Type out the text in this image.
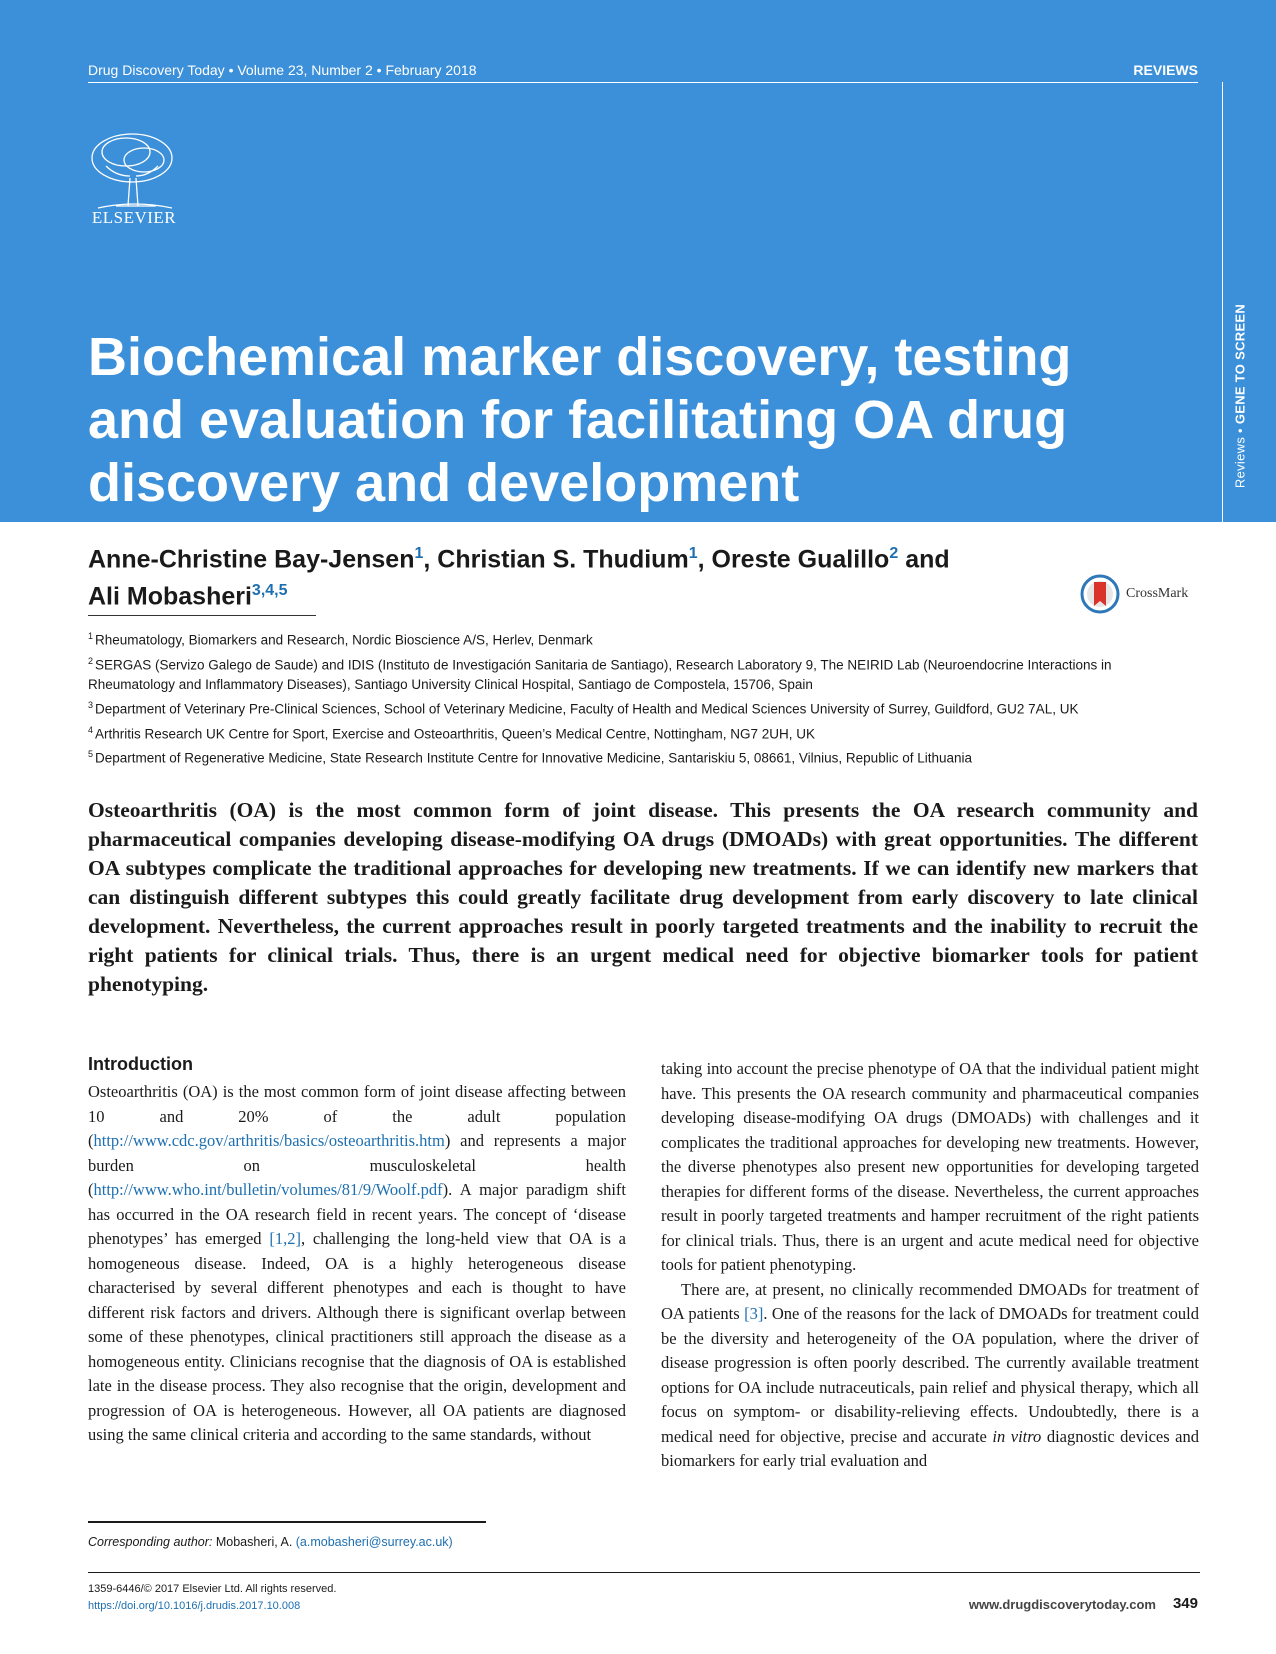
Drug Discovery Today • Volume 23, Number 2 • February 2018	REVIEWS
Reviews • GENE TO SCREEN
ELSEVIER
Biochemical marker discovery, testing and evaluation for facilitating OA drug discovery and development
Anne-Christine Bay-Jensen$^1$, Christian S. Thudium$^1$, Oreste Gualillo$^2$ and
Ali Mobasheri$^{3,4,5}$	CrossMark

$^1$ Rheumatology, Biomarkers and Research, Nordic Bioscience A/S, Herlev, Denmark

$^2$ SERGAS (Servizo Galego de Saude) and IDIS (Instituto de Investigación Sanitaria de Santiago), Research Laboratory 9, The NEIRID Lab (Neuroendocrine Interactions in Rheumatology and Inflammatory Diseases), Santiago University Clinical Hospital, Santiago de Compostela, 15706, Spain

$^3$ Department of Veterinary Pre-Clinical Sciences, School of Veterinary Medicine, Faculty of Health and Medical Sciences University of Surrey, Guildford, GU2 7AL, UK

$^4$ Arthritis Research UK Centre for Sport, Exercise and Osteoarthritis, Queen’s Medical Centre, Nottingham, NG7 2UH, UK

$^5$ Department of Regenerative Medicine, State Research Institute Centre for Innovative Medicine, Santariskiu 5, 08661, Vilnius, Republic of Lithuania

Osteoarthritis (OA) is the most common form of joint disease. This presents the OA research community and pharmaceutical companies developing disease-modifying OA drugs (DMOADs) with great opportunities. The different OA subtypes complicate the traditional approaches for developing new treatments. If we can identify new markers that can distinguish different subtypes this could greatly facilitate drug development from early discovery to late clinical development. Nevertheless, the current approaches result in poorly targeted treatments and the inability to recruit the right patients for clinical trials. Thus, there is an urgent medical need for objective biomarker tools for patient phenotyping.
Introduction

Osteoarthritis (OA) is the most common form of joint disease affecting between 10 and 20% of the adult population (http://www.cdc.gov/arthritis/basics/osteoarthritis.htm) and represents a major burden on musculoskeletal health (http://www.who.int/bulletin/volumes/81/9/Woolf.pdf). A major paradigm shift has occurred in the OA research field in recent years. The concept of ‘disease phenotypes’ has emerged [1,2], challenging the long-held view that OA is a homogeneous disease. Indeed, OA is a highly heterogeneous disease characterised by several different phenotypes and each is thought to have different risk factors and drivers. Although there is significant overlap between some of these phenotypes, clinical practitioners still approach the disease as a homogeneous entity. Clinicians recognise that the diagnosis of OA is established late in the disease process. They also recognise that the origin, development and progression of OA is heterogeneous. However, all OA patients are diagnosed using the same clinical criteria and according to the same standards, without

taking into account the precise phenotype of OA that the individual patient might have. This presents the OA research community and pharmaceutical companies developing disease-modifying OA drugs (DMOADs) with challenges and it complicates the traditional approaches for developing new treatments. However, the diverse phenotypes also present new opportunities for developing targeted therapies for different forms of the disease. Nevertheless, the current approaches result in poorly targeted treatments and hamper recruitment of the right patients for clinical trials. Thus, there is an urgent and acute medical need for objective tools for patient phenotyping.

There are, at present, no clinically recommended DMOADs for treatment of OA patients [3]. One of the reasons for the lack of DMOADs for treatment could be the diversity and heterogeneity of the OA population, where the driver of disease progression is often poorly described. The currently available treatment options for OA include nutraceuticals, pain relief and physical therapy, which all focus on symptom- or disability-relieving effects. Undoubtedly, there is a medical need for objective, precise and accurate in vitro diagnostic devices and biomarkers for early trial evaluation and

Corresponding author: Mobasheri, A. (a.mobasheri@surrey.ac.uk)
1359-6446/© 2017 Elsevier Ltd. All rights reserved.
https://doi.org/10.1016/j.drudis.2017.10.008	www.drugdiscoverytoday.com 349
